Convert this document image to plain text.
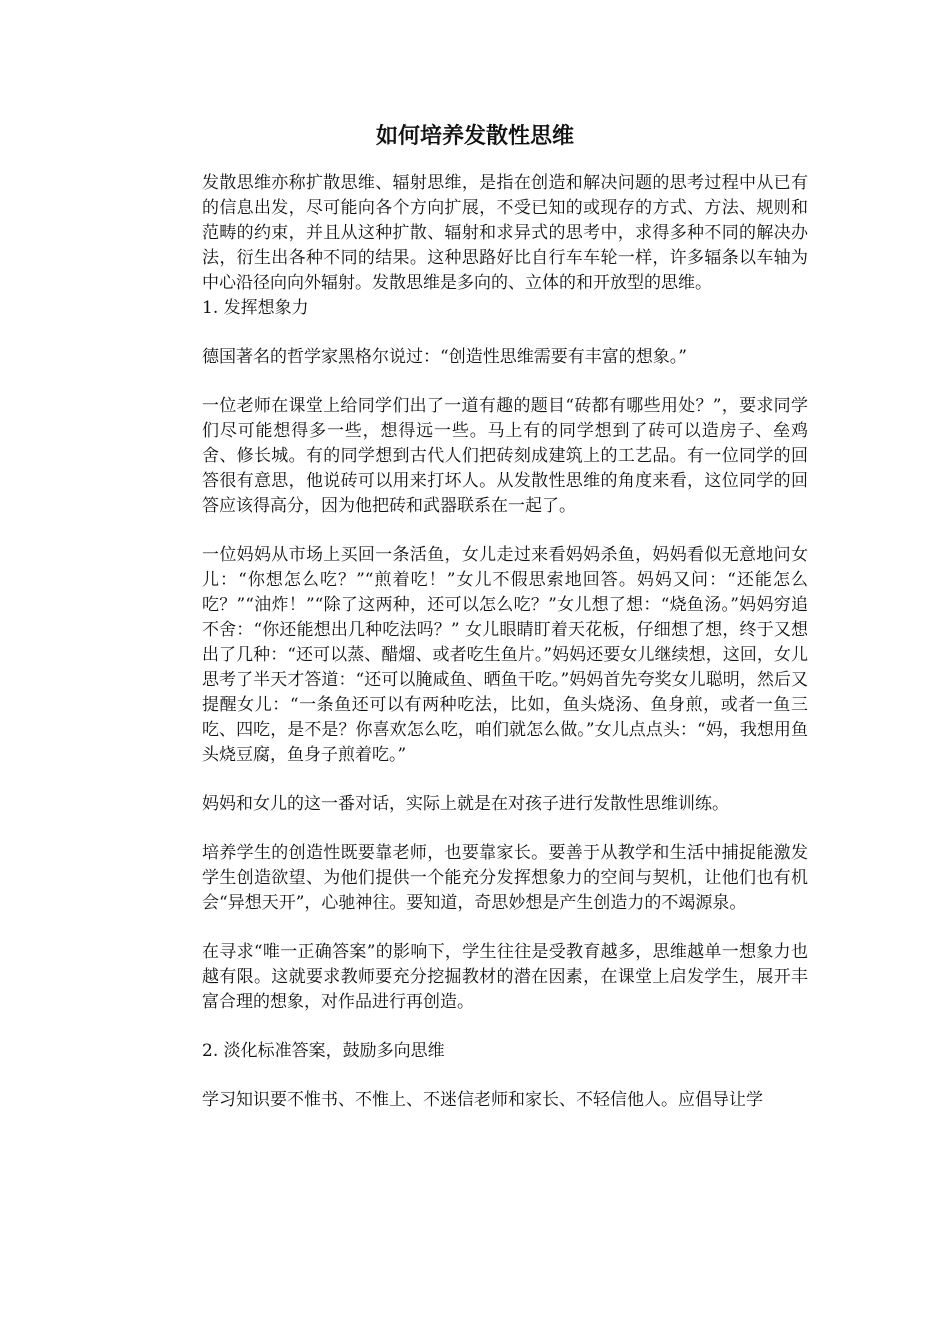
如何培养发散性思维

发散思维亦称扩散思维、辐射思维，是指在创造和解决问题的思考过程中从已有的信息出发，尽可能向各个方向扩展，不受已知的或现存的方式、方法、规则和范畴的约束，并且从这种扩散、辐射和求异式的思考中，求得多种不同的解决办法，衍生出各种不同的结果。这种思路好比自行车车轮一样，许多辐条以车轴为中心沿径向向外辐射。发散思维是多向的、立体的和开放型的思维。

1. 发挥想象力

德国著名的哲学家黑格尔说过：“创造性思维需要有丰富的想象。”

一位老师在课堂上给同学们出了一道有趣的题目“砖都有哪些用处？”，要求同学们尽可能想得多一些，想得远一些。马上有的同学想到了砖可以造房子、垒鸡舍、修长城。有的同学想到古代人们把砖刻成建筑上的工艺品。有一位同学的回答很有意思，他说砖可以用来打坏人。从发散性思维的角度来看，这位同学的回答应该得高分，因为他把砖和武器联系在一起了。

一位妈妈从市场上买回一条活鱼，女儿走过来看妈妈杀鱼，妈妈看似无意地问女儿：“你想怎么吃？”“煎着吃！”女儿不假思索地回答。妈妈又问：“还能怎么吃？”“油炸！”“除了这两种，还可以怎么吃？”女儿想了想：“烧鱼汤。”妈妈穷追不舍：“你还能想出几种吃法吗？” 女儿眼睛盯着天花板，仔细想了想，终于又想出了几种：“还可以蒸、醋熘、或者吃生鱼片。”妈妈还要女儿继续想，这回，女儿思考了半天才答道：“还可以腌咸鱼、晒鱼干吃。”妈妈首先夸奖女儿聪明，然后又提醒女儿：“一条鱼还可以有两种吃法，比如，鱼头烧汤、鱼身煎，或者一鱼三吃、四吃，是不是？你喜欢怎么吃，咱们就怎么做。”女儿点点头：“妈，我想用鱼头烧豆腐，鱼身子煎着吃。”

妈妈和女儿的这一番对话，实际上就是在对孩子进行发散性思维训练。

培养学生的创造性既要靠老师，也要靠家长。要善于从教学和生活中捕捉能激发学生创造欲望、为他们提供一个能充分发挥想象力的空间与契机，让他们也有机会“异想天开”，心驰神往。要知道，奇思妙想是产生创造力的不竭源泉。

在寻求“唯一正确答案”的影响下，学生往往是受教育越多，思维越单一想象力也越有限。这就要求教师要充分挖掘教材的潜在因素，在课堂上启发学生，展开丰富合理的想象，对作品进行再创造。

2. 淡化标准答案，鼓励多向思维

学习知识要不惟书、不惟上、不迷信老师和家长、不轻信他人。应倡导让学
